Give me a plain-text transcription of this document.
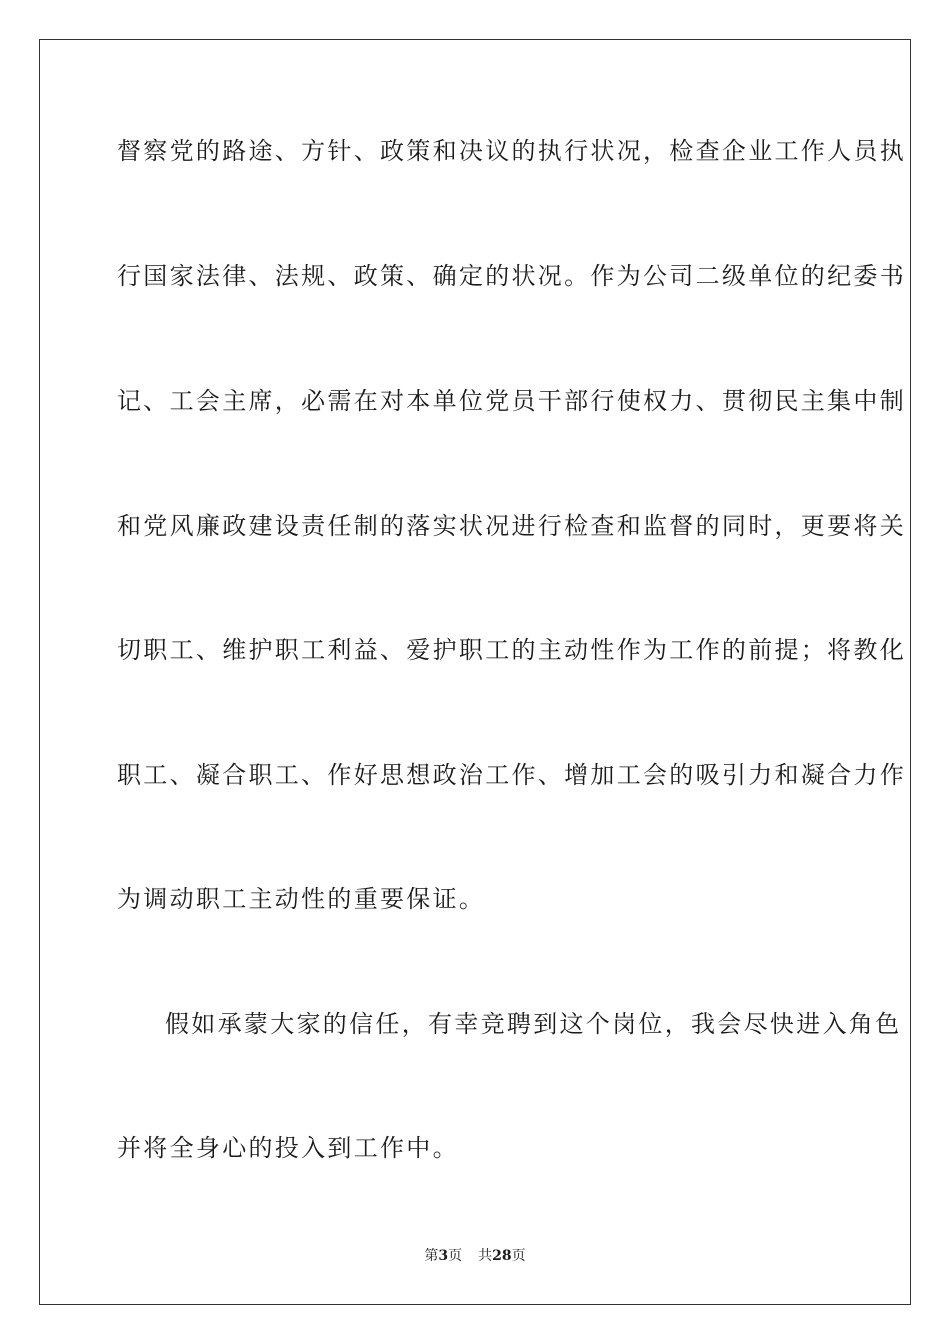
督察党的路途、方针、政策和决议的执行状况，检查企业工作人员执
行国家法律、法规、政策、确定的状况。作为公司二级单位的纪委书
记、工会主席，必需在对本单位党员干部行使权力、贯彻民主集中制
和党风廉政建设责任制的落实状况进行检查和监督的同时，更要将关
切职工、维护职工利益、爱护职工的主动性作为工作的前提；将教化
职工、凝合职工、作好思想政治工作、增加工会的吸引力和凝合力作
为调动职工主动性的重要保证。
假如承蒙大家的信任，有幸竞聘到这个岗位，我会尽快进入角色
并将全身心的投入到工作中。
第3页 共28页
